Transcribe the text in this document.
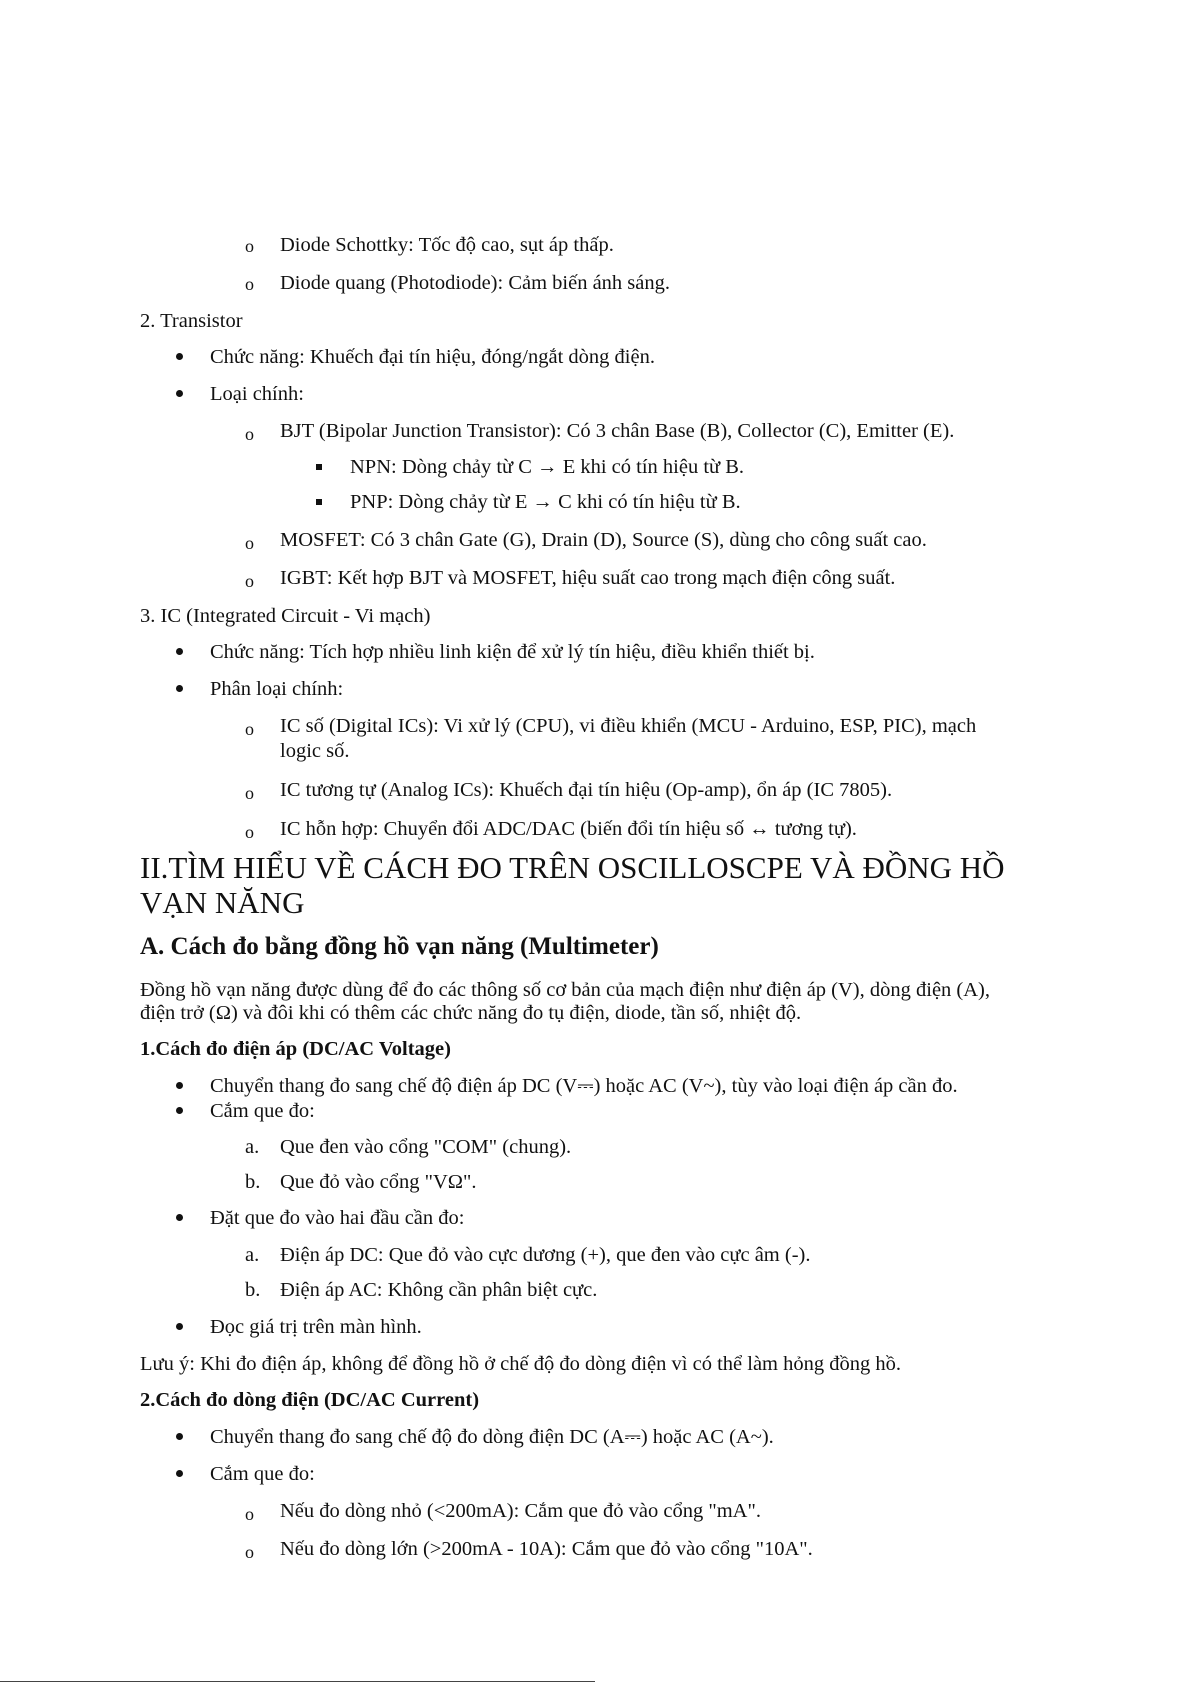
o Diode Schottky: Tốc độ cao, sụt áp thấp.
o Diode quang (Photodiode): Cảm biến ánh sáng.
2. Transistor
Chức năng: Khuếch đại tín hiệu, đóng/ngắt dòng điện.
Loại chính:
o BJT (Bipolar Junction Transistor): Có 3 chân Base (B), Collector (C), Emitter (E).
NPN: Dòng chảy từ C → E khi có tín hiệu từ B.
PNP: Dòng chảy từ E → C khi có tín hiệu từ B.
o MOSFET: Có 3 chân Gate (G), Drain (D), Source (S), dùng cho công suất cao.
o IGBT: Kết hợp BJT và MOSFET, hiệu suất cao trong mạch điện công suất.
3. IC (Integrated Circuit - Vi mạch)
Chức năng: Tích hợp nhiều linh kiện để xử lý tín hiệu, điều khiển thiết bị.
Phân loại chính:
o IC số (Digital ICs): Vi xử lý (CPU), vi điều khiển (MCU - Arduino, ESP, PIC), mạch
logic số.
o IC tương tự (Analog ICs): Khuếch đại tín hiệu (Op-amp), ổn áp (IC 7805).
o IC hỗn hợp: Chuyển đổi ADC/DAC (biến đổi tín hiệu số ↔ tương tự).
II.TÌM HIỂU VỀ CÁCH ĐO TRÊN OSCILLOSCPE VÀ ĐỒNG HỒ
VẠN NĂNG
A. Cách đo bằng đồng hồ vạn năng (Multimeter)
Đồng hồ vạn năng được dùng để đo các thông số cơ bản của mạch điện như điện áp (V), dòng điện (A),
điện trở (Ω) và đôi khi có thêm các chức năng đo tụ điện, diode, tần số, nhiệt độ.
1.Cách đo điện áp (DC/AC Voltage)
Chuyển thang đo sang chế độ điện áp DC (V⎓) hoặc AC (V~), tùy vào loại điện áp cần đo.
Cắm que đo:
a. Que đen vào cổng "COM" (chung).
b. Que đỏ vào cổng "VΩ".
Đặt que đo vào hai đầu cần đo:
a. Điện áp DC: Que đỏ vào cực dương (+), que đen vào cực âm (-).
b. Điện áp AC: Không cần phân biệt cực.
Đọc giá trị trên màn hình.
Lưu ý: Khi đo điện áp, không để đồng hồ ở chế độ đo dòng điện vì có thể làm hỏng đồng hồ.
2.Cách đo dòng điện (DC/AC Current)
Chuyển thang đo sang chế độ đo dòng điện DC (A⎓) hoặc AC (A~).
Cắm que đo:
o Nếu đo dòng nhỏ (<200mA): Cắm que đỏ vào cổng "mA".
o Nếu đo dòng lớn (>200mA - 10A): Cắm que đỏ vào cổng "10A".
